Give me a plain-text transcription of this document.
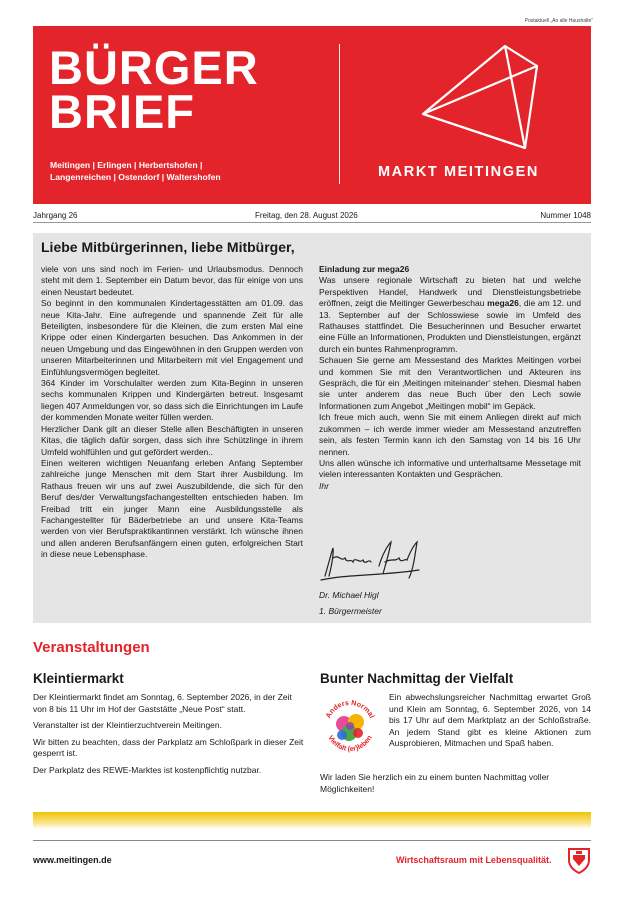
Postaktuell „An alle Haushalte“
BÜRGER
BRIEF
Meitingen | Erlingen | Herbertshofen |
Langenreichen | Ostendorf | Waltershofen	MARKT MEITINGEN
Jahrgang 26	Freitag, den 28. August 2026	Nummer 1048
Liebe Mitbürgerinnen, liebe Mitbürger,

viele von uns sind noch im Ferien- und Urlaubsmodus. Dennoch steht mit dem 1. September ein Datum bevor, das für einige von uns einen Neustart bedeutet.

So beginnt in den kommunalen Kindertagesstätten am 01.09. das neue Kita-Jahr. Eine aufregende und spannende Zeit für alle Beteiligten, insbesondere für die Kleinen, die zum ersten Mal eine Krippe oder einen Kindergarten besuchen. Das Ankommen in der neuen Umgebung und das Eingewöhnen in den Gruppen werden von unseren Mitarbeiterinnen und Mitarbeitern mit viel Engagement und Einfühlungsvermögen begleitet.

364 Kinder im Vorschulalter werden zum Kita-Beginn in unseren sechs kommunalen Krippen und Kindergärten betreut. Insgesamt liegen 407 Anmeldungen vor, so dass sich die Einrichtungen im Laufe der kommenden Monate weiter füllen werden.

Herzlicher Dank gilt an dieser Stelle allen Beschäftigten in unseren Kitas, die täglich dafür sorgen, dass sich ihre Schützlinge in ihrem Umfeld wohlfühlen und gut gefördert werden..

Einen weiteren wichtigen Neuanfang erleben Anfang September zahlreiche junge Menschen mit dem Start ihrer Ausbildung. Im Rathaus freuen wir uns auf zwei Auszubildende, die sich für den Beruf des/der Verwaltungsfachangestellten entschieden haben. Im Freibad tritt ein junger Mann eine Ausbildungsstelle als Fachangestellter für Bäderbetriebe an und unsere Kita-Teams werden von vier Berufspraktikantinnen verstärkt. Ich wünsche ihnen und allen anderen Berufsanfängern einen guten, erfolgreichen Start in diese neue Lebensphase.

Einladung zur mega26

Was unsere regionale Wirtschaft zu bieten hat und welche Perspektiven Handel, Handwerk und Dienstleistungsbetriebe eröffnen, zeigt die Meitinger Gewerbeschau mega26, die am 12. und 13. September auf der Schlosswiese sowie im Umfeld des Rathauses stattfindet. Die Besucherinnen und Besucher erwartet eine Fülle an Informationen, Produkten und Dienstleistungen, ergänzt durch ein buntes Rahmenprogramm.

Schauen Sie gerne am Messestand des Marktes Meitingen vorbei und kommen Sie mit den Verantwortlichen und Akteuren ins Gespräch, die für ein ‚Meitingen miteinander‘ stehen. Diesmal haben sie unter anderem das neue Buch über den Lech sowie Informationen zum Angebot „Meitingen mobil“ im Gepäck.

Ich freue mich auch, wenn Sie mit einem Anliegen direkt auf mich zukommen – ich werde immer wieder am Messestand anzutreffen sein, als festen Termin kann ich den Samstag von 14 bis 16 Uhr nennen.

Uns allen wünsche ich informative und unterhaltsame Messetage mit vielen interessanten Kontakten und Gesprächen.

Ihr

Dr. Michael Higl
1. Bürgermeister
Veranstaltungen
Kleintiermarkt

Der Kleintiermarkt findet am Sonntag, 6. September 2026, in der Zeit von 8 bis 11 Uhr im Hof der Gaststätte „Neue Post“ statt.

Veranstalter ist der Kleintierzuchtverein Meitingen.

Wir bitten zu beachten, dass der Parkplatz am Schloßpark in dieser Zeit gesperrt ist.

Der Parkplatz des REWE-Marktes ist kostenpflichtig nutzbar.

Bunter Nachmittag der Vielfalt
Anders Normal
Vielfalt (er)leben
Ein abwechslungsreicher Nachmittag erwartet Groß und Klein am Sonntag, 6. September 2026, von 14 bis 17 Uhr auf dem Marktplatz an der Schloßstraße. An jedem Stand gibt es kleine Aktionen zum Ausprobieren, Mitmachen und Spaß haben.
Wir laden Sie herzlich ein zu einem bunten Nachmittag voller Möglichkeiten!
www.meitingen.de	Wirtschaftsraum mit Lebensqualität.
